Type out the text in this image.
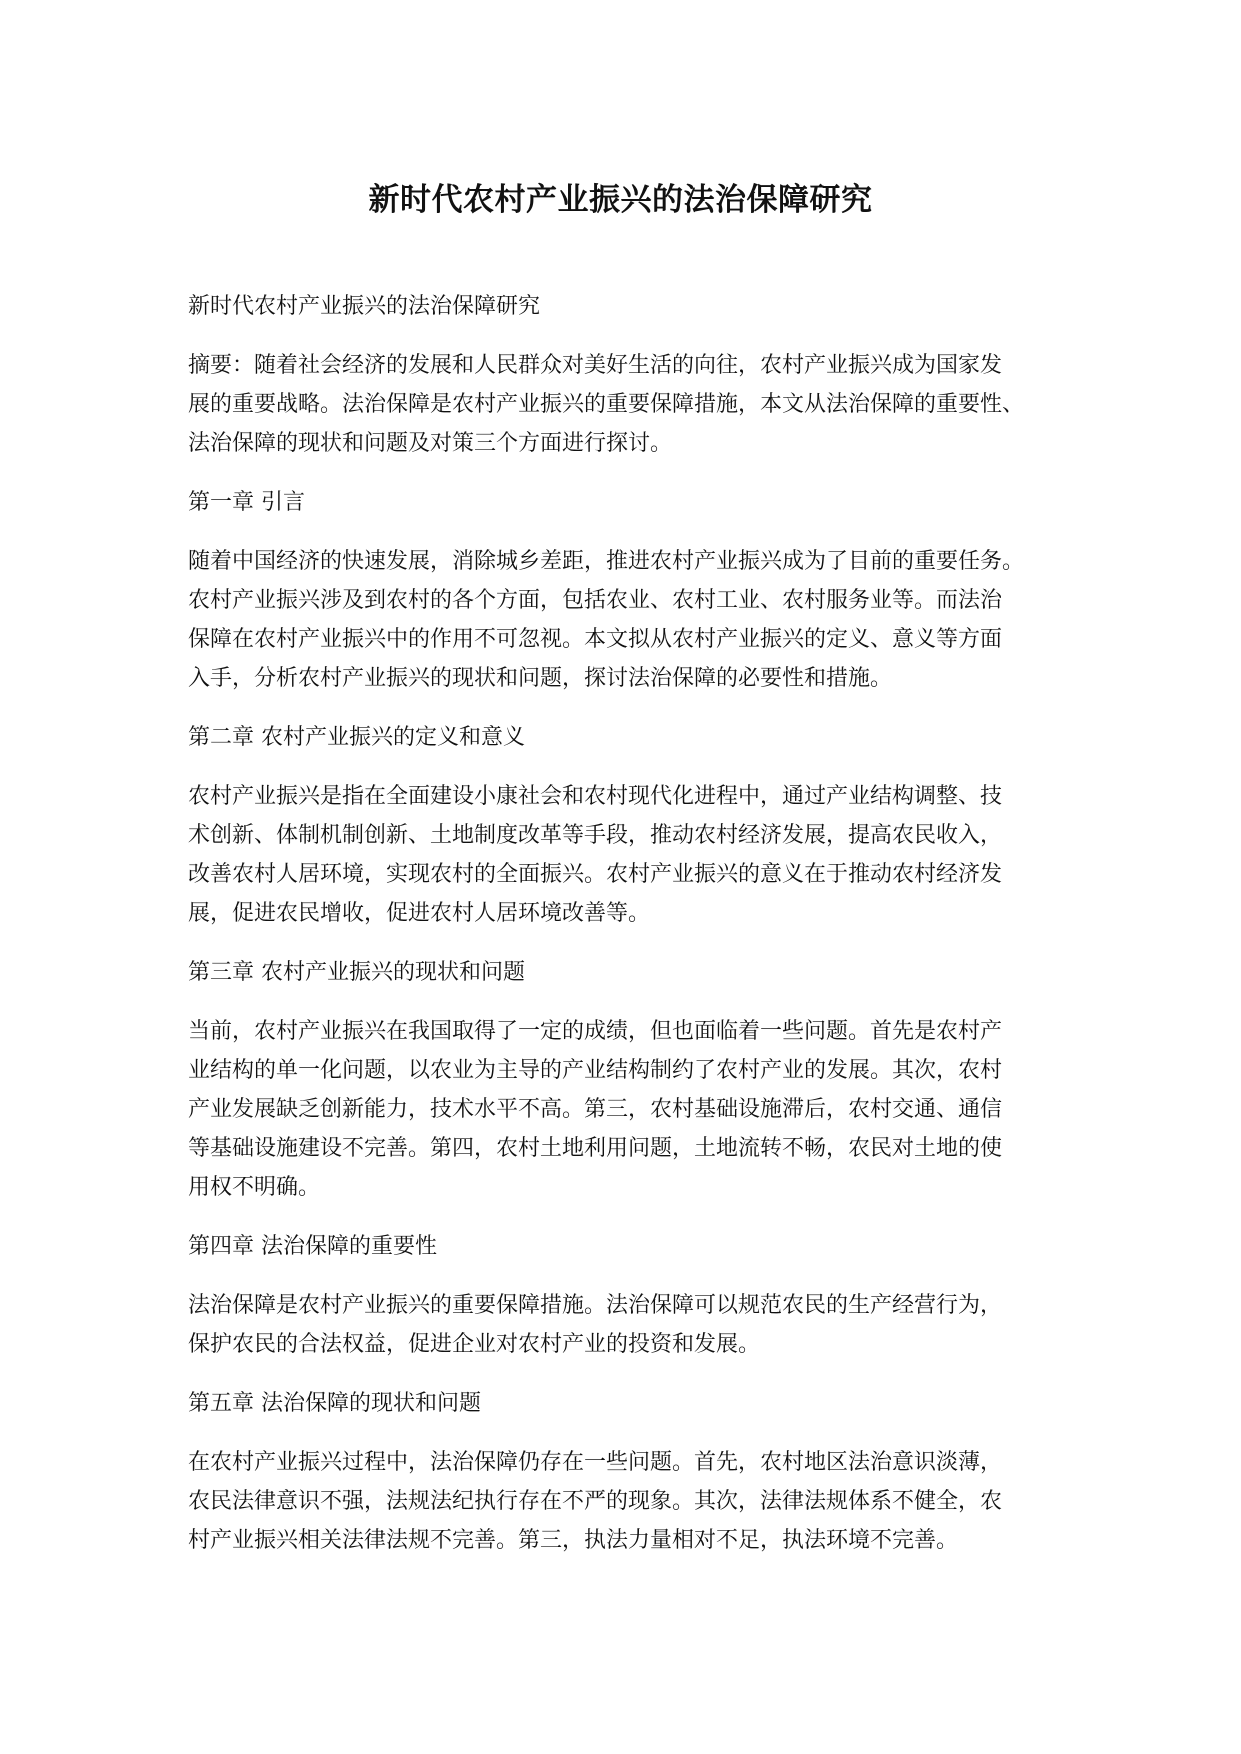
新时代农村产业振兴的法治保障研究

新时代农村产业振兴的法治保障研究

摘要：随着社会经济的发展和人民群众对美好生活的向往，农村产业振兴成为国家发

展的重要战略。法治保障是农村产业振兴的重要保障措施，本文从法治保障的重要性、

法治保障的现状和问题及对策三个方面进行探讨。

第一章 引言

随着中国经济的快速发展，消除城乡差距，推进农村产业振兴成为了目前的重要任务。

农村产业振兴涉及到农村的各个方面，包括农业、农村工业、农村服务业等。而法治

保障在农村产业振兴中的作用不可忽视。本文拟从农村产业振兴的定义、意义等方面

入手，分析农村产业振兴的现状和问题，探讨法治保障的必要性和措施。

第二章 农村产业振兴的定义和意义

农村产业振兴是指在全面建设小康社会和农村现代化进程中，通过产业结构调整、技

术创新、体制机制创新、土地制度改革等手段，推动农村经济发展，提高农民收入，

改善农村人居环境，实现农村的全面振兴。农村产业振兴的意义在于推动农村经济发

展，促进农民增收，促进农村人居环境改善等。

第三章 农村产业振兴的现状和问题

当前，农村产业振兴在我国取得了一定的成绩，但也面临着一些问题。首先是农村产

业结构的单一化问题，以农业为主导的产业结构制约了农村产业的发展。其次，农村

产业发展缺乏创新能力，技术水平不高。第三，农村基础设施滞后，农村交通、通信

等基础设施建设不完善。第四，农村土地利用问题，土地流转不畅，农民对土地的使

用权不明确。

第四章 法治保障的重要性

法治保障是农村产业振兴的重要保障措施。法治保障可以规范农民的生产经营行为，

保护农民的合法权益，促进企业对农村产业的投资和发展。

第五章 法治保障的现状和问题

在农村产业振兴过程中，法治保障仍存在一些问题。首先，农村地区法治意识淡薄，

农民法律意识不强，法规法纪执行存在不严的现象。其次，法律法规体系不健全，农

村产业振兴相关法律法规不完善。第三，执法力量相对不足，执法环境不完善。
